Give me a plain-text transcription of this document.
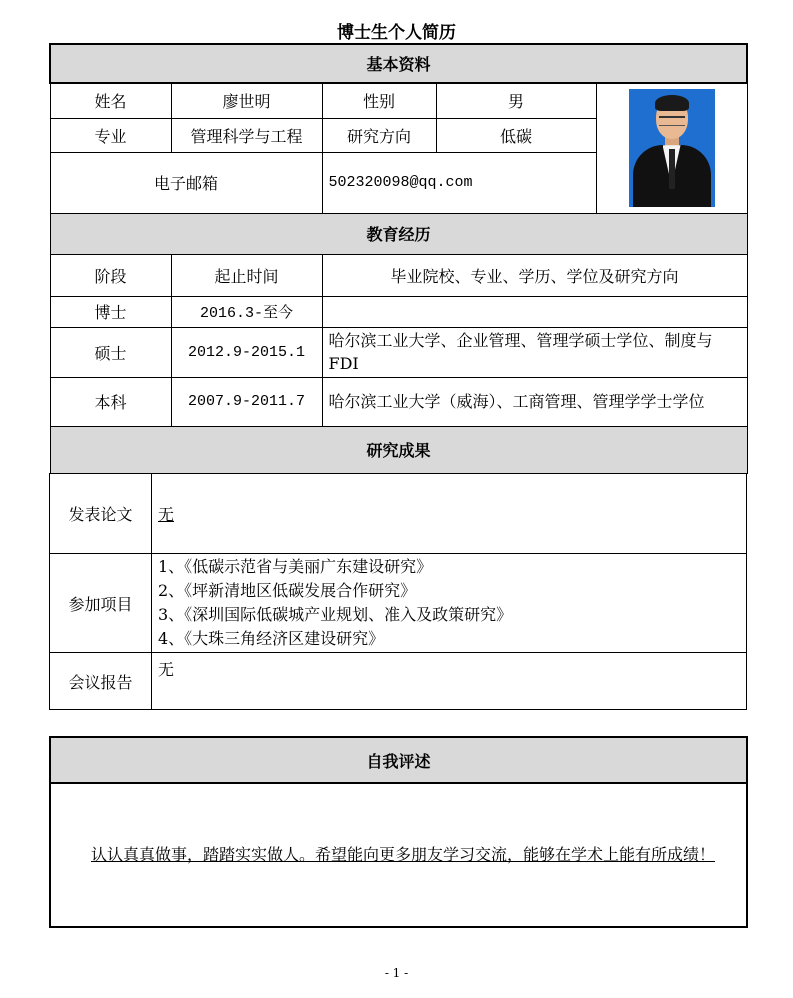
博士生个人简历
基本资料				
姓名	廖世明	性别	男	

专业	管理科学与工程	研究方向	低碳	
电子邮箱		502320098@qq.com		
教育经历				
阶段	起止时间	毕业院校、专业、学历、学位及研究方向		
博士	2016.3-至今			
硕士	2012.9-2015.1	哈尔滨工业大学、企业管理、管理学硕士学位、制度与FDI		
本科	2007.9-2011.7	哈尔滨工业大学（威海）、工商管理、管理学学士学位		
研究成果				
发表论文	无
参加项目	1、《低碳示范省与美丽广东建设研究》
2、《坪新清地区低碳发展合作研究》
3、《深圳国际低碳城产业规划、准入及政策研究》
4、《大珠三角经济区建设研究》

会议报告	无
自我评述
认认真真做事，踏踏实实做人。希望能向更多朋友学习交流，能够在学术上能有所成绩！
- 1 -
